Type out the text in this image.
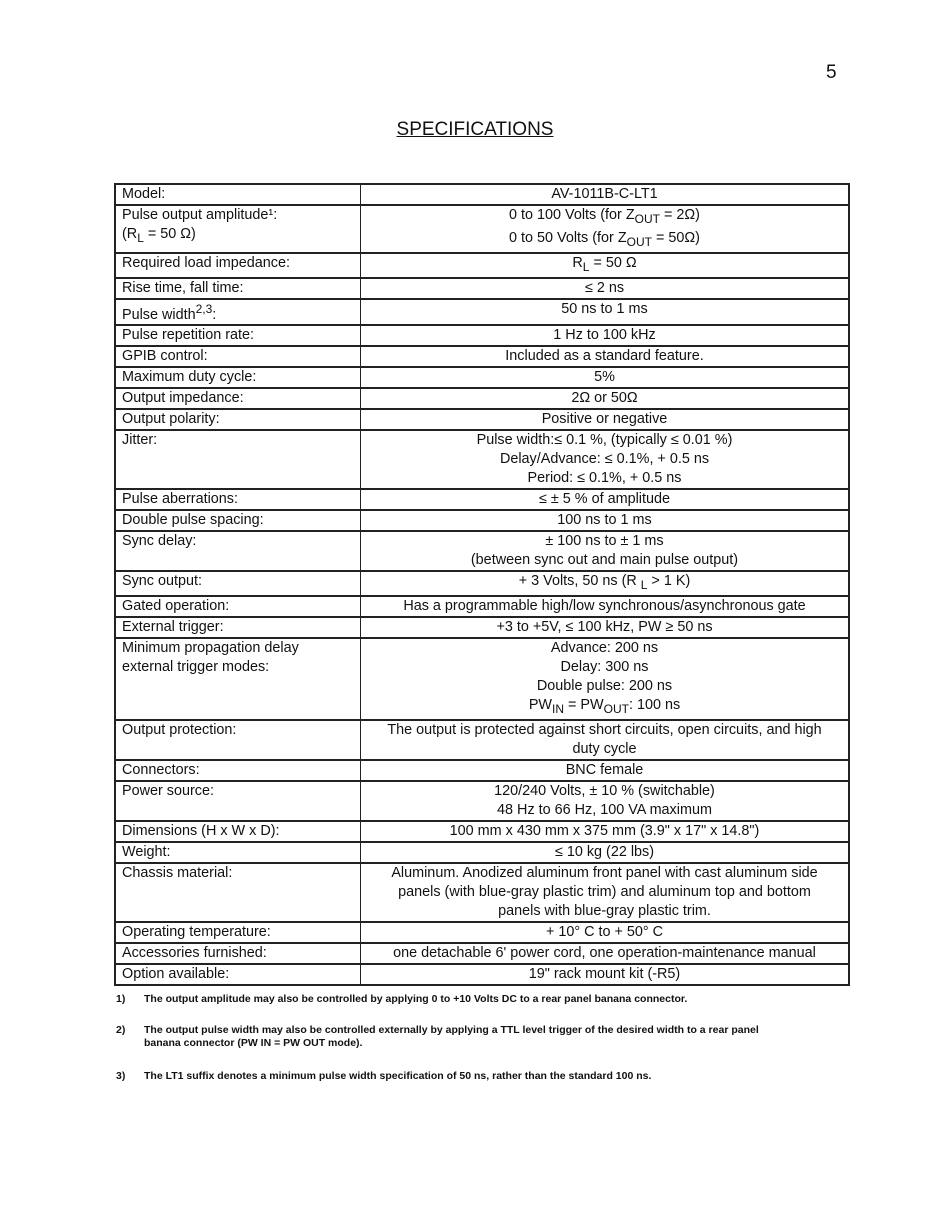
5
SPECIFICATIONS
Model:	AV-1011B-C-LT1
Pulse output amplitude¹:
($R_L = 50$ Ω)	0 to 100 Volts (for $Z_{OUT} = 2\Omega$)
0 to 50 Volts (for $Z_{OUT} = 50\Omega$)
Required load impedance:	$R_L = 50$ Ω
Rise time, fall time:	≤ 2 ns
Pulse width$^{2,3}$:	50 ns to 1 ms
Pulse repetition rate:	1 Hz to 100 kHz
GPIB control:	Included as a standard feature.
Maximum duty cycle:	5%
Output impedance:	2Ω or 50Ω
Output polarity:	Positive or negative
Jitter:	Pulse width:≤ 0.1 %, (typically ≤ 0.01 %)
Delay/Advance: ≤ 0.1%, + 0.5 ns
Period: ≤ 0.1%, + 0.5 ns
Pulse aberrations:	≤ ± 5 % of amplitude
Double pulse spacing:	100 ns to 1 ms
Sync delay:	± 100 ns to ± 1 ms
(between sync out and main pulse output)
Sync output:	+ 3 Volts, 50 ns (R $_L$ > 1 K)
Gated operation:	Has a programmable high/low synchronous/asynchronous gate
External trigger:	+3 to +5V, ≤ 100 kHz, PW ≥ 50 ns
Minimum propagation delay
external trigger modes:	Advance: 200 ns
Delay: 300 ns
Double pulse: 200 ns
$PW_{IN} = PW_{OUT}$: 100 ns
Output protection:	The output is protected against short circuits, open circuits, and high
duty cycle
Connectors:	BNC female
Power source:	120/240 Volts, ± 10 % (switchable)
48 Hz to 66 Hz, 100 VA maximum
Dimensions (H x W x D):	100 mm x 430 mm x 375 mm (3.9" x 17" x 14.8")
Weight:	≤ 10 kg (22 lbs)
Chassis material:	Aluminum. Anodized aluminum front panel with cast aluminum side
panels (with blue-gray plastic trim) and aluminum top and bottom
panels with blue-gray plastic trim.
Operating temperature:	+ 10° C to + 50° C
Accessories furnished:	one detachable 6' power cord, one operation-maintenance manual
Option available:	19" rack mount kit (-R5)
1) The output amplitude may also be controlled by applying 0 to +10 Volts DC to a rear panel banana connector.
2) The output pulse width may also be controlled externally by applying a TTL level trigger of the desired width to a rear panel
banana connector (PW IN = PW OUT mode).
3) The LT1 suffix denotes a minimum pulse width specification of 50 ns, rather than the standard 100 ns.
